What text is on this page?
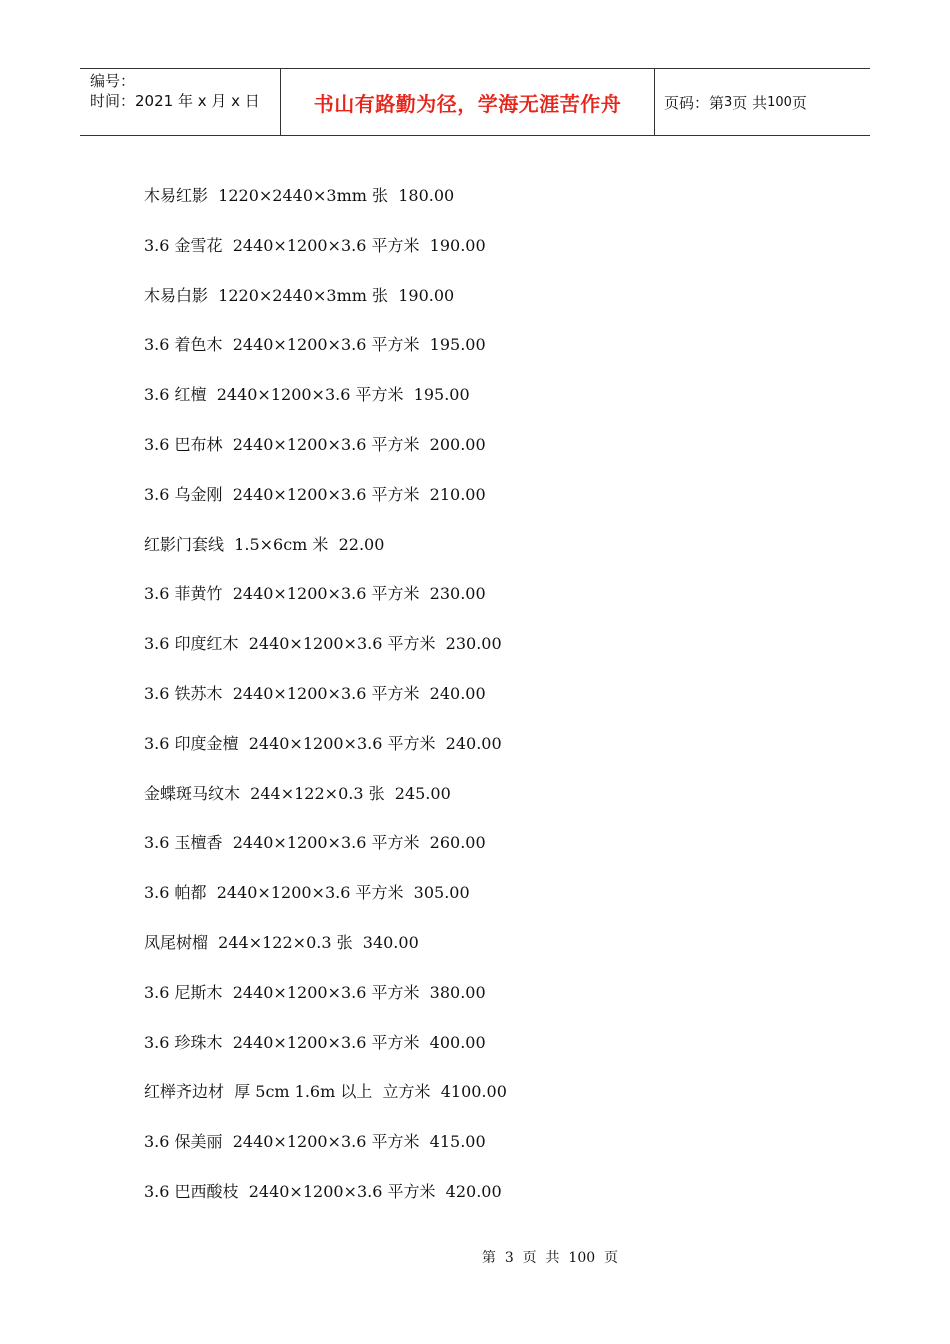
编号：
时间：2021 年 x 月 x 日	书山有路勤为径，学海无涯苦作舟	页码：第 3 页 共 100 页
木易红影  1220×2440×3mm 张  180.00
3.6 金雪花  2440×1200×3.6 平方米  190.00
木易白影  1220×2440×3mm 张  190.00
3.6 着色木  2440×1200×3.6 平方米  195.00
3.6 红檀  2440×1200×3.6 平方米  195.00
3.6 巴布林  2440×1200×3.6 平方米  200.00
3.6 乌金刚  2440×1200×3.6 平方米  210.00
红影门套线  1.5×6cm 米  22.00
3.6 菲黄竹  2440×1200×3.6 平方米  230.00
3.6 印度红木  2440×1200×3.6 平方米  230.00
3.6 铁苏木  2440×1200×3.6 平方米  240.00
3.6 印度金檀  2440×1200×3.6 平方米  240.00
金蝶斑马纹木  244×122×0.3 张  245.00
3.6 玉檀香  2440×1200×3.6 平方米  260.00
3.6 帕都  2440×1200×3.6 平方米  305.00
凤尾树榴  244×122×0.3 张  340.00
3.6 尼斯木  2440×1200×3.6 平方米  380.00
3.6 珍珠木  2440×1200×3.6 平方米  400.00
红榉齐边材  厚 5cm 1.6m 以上  立方米  4100.00
3.6 保美丽  2440×1200×3.6 平方米  415.00
3.6 巴西酸枝  2440×1200×3.6 平方米  420.00
第  3  页  共  100  页
